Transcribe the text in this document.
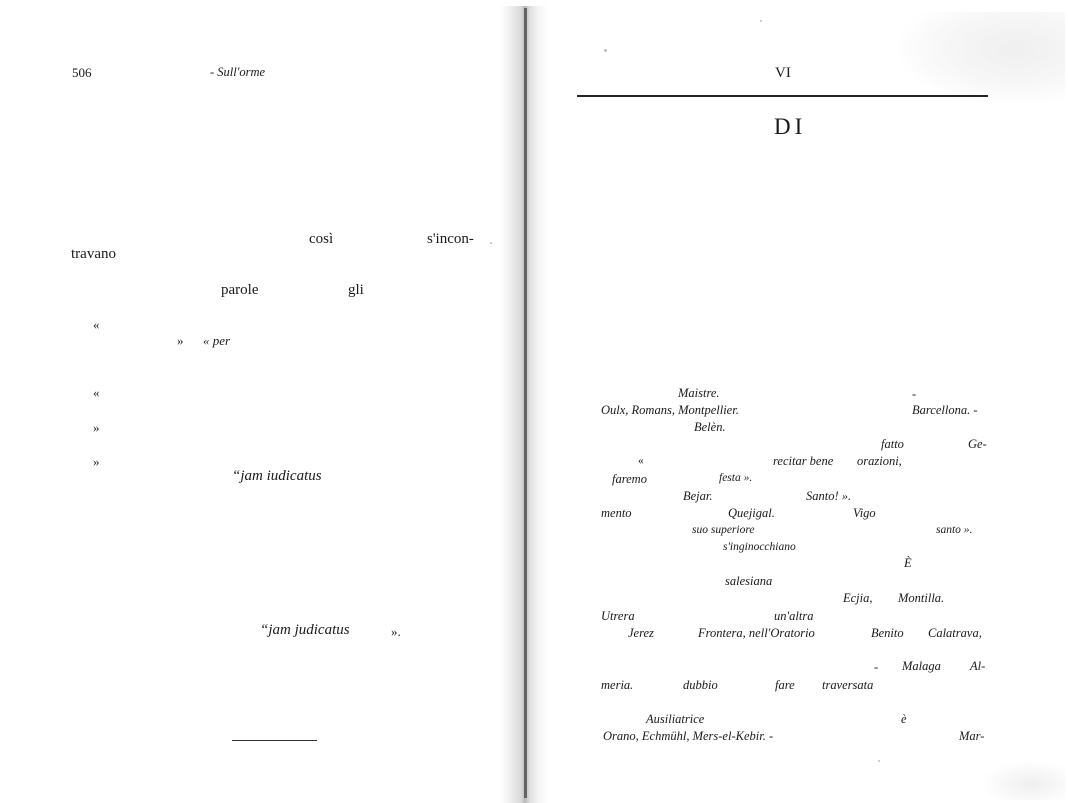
506	- Sull'orme
così	s'incon-
travano
parole	gli
«
» « per
«
»
»
“jam iudicatus
“jam judicatus	».
VI
DI
Maistre.	-
Oulx, Romans, Montpellier.	Barcellona. -
Belèn.
fatto	Ge-
«	recitar bene orazioni,
faremo	festa ».
Bejar.	Santo! ».
mento	Quejigal.	Vigo
suo superiore	santo ».
s'inginocchiano
È
salesiana
Ecjia, Montilla.
Utrera	un'altra
Jerez	Frontera, nell'Oratorio	Benito Calatrava,
- Malaga Al-
meria.	dubbio	fare traversata
Ausiliatrice	è
Orano, Echmühl, Mers-el-Kebir. -	Mar-
